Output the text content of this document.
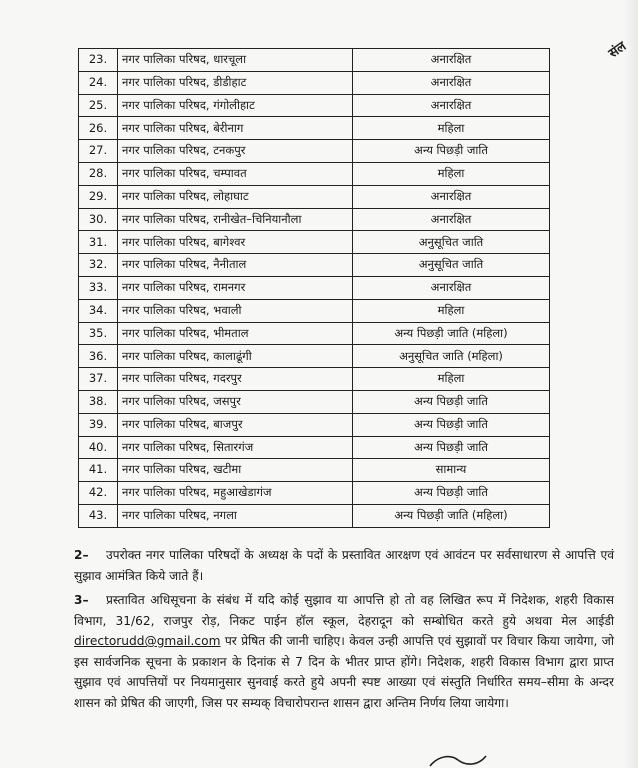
संल
23.	नगर पालिका परिषद, धारचूला	अनारक्षित
24.	नगर पालिका परिषद, डीडीहाट	अनारक्षित
25.	नगर पालिका परिषद, गंगोलीहाट	अनारक्षित
26.	नगर पालिका परिषद, बेरीनाग	महिला
27.	नगर पालिका परिषद, टनकपुर	अन्य पिछड़ी जाति
28.	नगर पालिका परिषद, चम्पावत	महिला
29.	नगर पालिका परिषद, लोहाघाट	अनारक्षित
30.	नगर पालिका परिषद, रानीखेत–चिनियानौला	अनारक्षित
31.	नगर पालिका परिषद, बागेश्वर	अनुसूचित जाति
32.	नगर पालिका परिषद, नैनीताल	अनुसूचित जाति
33.	नगर पालिका परिषद, रामनगर	अनारक्षित
34.	नगर पालिका परिषद, भवाली	महिला
35.	नगर पालिका परिषद, भीमताल	अन्य पिछड़ी जाति (महिला)
36.	नगर पालिका परिषद, कालाढूंगी	अनुसूचित जाति (महिला)
37.	नगर पालिका परिषद, गदरपुर	महिला
38.	नगर पालिका परिषद, जसपुर	अन्य पिछड़ी जाति
39.	नगर पालिका परिषद, बाजपुर	अन्य पिछड़ी जाति
40.	नगर पालिका परिषद, सितारगंज	अन्य पिछड़ी जाति
41.	नगर पालिका परिषद, खटीमा	सामान्य
42.	नगर पालिका परिषद, महुआखेडागंज	अन्य पिछड़ी जाति
43.	नगर पालिका परिषद, नगला	अन्य पिछड़ी जाति (महिला)

2– उपरोक्त नगर पालिका परिषदों के अध्यक्ष के पदों के प्रस्तावित आरक्षण एवं आवंटन पर सर्वसाधारण से आपत्ति एवं सुझाव आमंत्रित किये जाते हैं।

3– प्रस्तावित अधिसूचना के संबंध में यदि कोई सुझाव या आपत्ति हो तो वह लिखित रूप में निदेशक, शहरी विकास विभाग, 31/62, राजपुर रोड़, निकट पाईन हॉल स्कूल, देहरादून को सम्बोधित करते हुये अथवा मेल आईडी directorudd@gmail.com पर प्रेषित की जानी चाहिए। केवल उन्ही आपत्ति एवं सुझावों पर विचार किया जायेगा, जो इस सार्वजनिक सूचना के प्रकाशन के दिनांक से 7 दिन के भीतर प्राप्त होंगे। निदेशक, शहरी विकास विभाग द्वारा प्राप्त सुझाव एवं आपत्तियों पर नियमानुसार सुनवाई करते हुये अपनी स्पष्ट आख्या एवं संस्तुति निर्धारित समय–सीमा के अन्दर शासन को प्रेषित की जाएगी, जिस पर सम्यक् विचारोपरान्त शासन द्वारा अन्तिम निर्णय लिया जायेगा।
